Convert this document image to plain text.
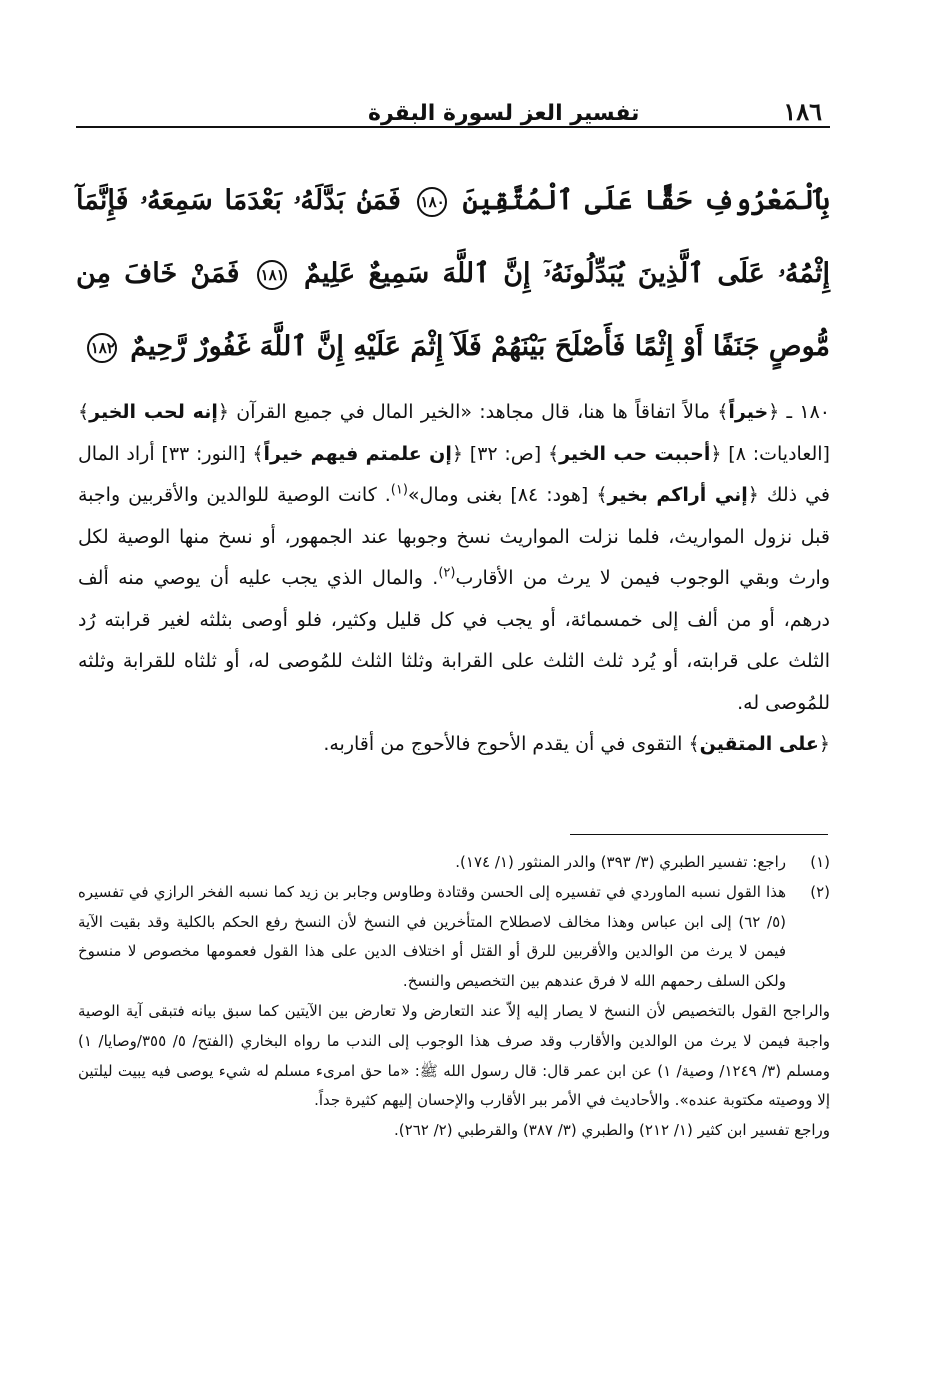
١٨٦
تفسير العز لسورة البقرة
بِٱلْمَعْرُوفِ حَقًّا عَلَى ٱلْمُتَّقِينَ ١٨٠ فَمَنۢ بَدَّلَهُۥ بَعْدَمَا سَمِعَهُۥ فَإِنَّمَآ إِثْمُهُۥ عَلَى ٱلَّذِينَ يُبَدِّلُونَهُۥٓ إِنَّ ٱللَّهَ سَمِيعٌ عَلِيمٌ ١٨١ فَمَنْ خَافَ مِن مُّوصٍ جَنَفًا أَوْ إِثْمًا فَأَصْلَحَ بَيْنَهُمْ فَلَآ إِثْمَ عَلَيْهِ إِنَّ ٱللَّهَ غَفُورٌ رَّحِيمٌ ١٨٢
١٨٠ ـ ﴿خيراً﴾ مالاً اتفاقاً ها هنا، قال مجاهد: «الخير المال في جميع القرآن ﴿إنه لحب الخير﴾ [العاديات: ٨] ﴿أحببت حب الخير﴾ [ص: ٣٢] ﴿إن علمتم فيهم خيراً﴾ [النور: ٣٣] أراد المال في ذلك ﴿إني أراكم بخير﴾ [هود: ٨٤] بغنى ومال»$^{(١)}$. كانت الوصية للوالدين والأقربين واجبة قبل نزول المواريث، فلما نزلت المواريث نسخ وجوبها عند الجمهور، أو نسخ منها الوصية لكل وارث وبقي الوجوب فيمن لا يرث من الأقارب$^{(٢)}$. والمال الذي يجب عليه أن يوصي منه ألف درهم، أو من ألف إلى خمسمائة، أو يجب في كل قليل وكثير، فلو أوصى بثلثه لغير قرابته رُد الثلث على قرابته، أو يُرد ثلث الثلث على القرابة وثلثا الثلث للمُوصى له، أو ثلثاه للقرابة وثلثه للمُوصى له.
﴿على المتقين﴾ التقوى في أن يقدم الأحوج فالأحوج من أقاربه.
(١)
راجع: تفسير الطبري (٣/ ٣٩٣) والدر المنثور (١/ ١٧٤).
(٢)
هذا القول نسبه الماوردي في تفسيره إلى الحسن وقتادة وطاوس وجابر بن زيد كما نسبه الفخر الرازي في تفسيره (٥/ ٦٢) إلى ابن عباس وهذا مخالف لاصطلاح المتأخرين في النسخ لأن النسخ رفع الحكم بالكلية وقد بقيت الآية فيمن لا يرث من الوالدين والأقربين للرق أو القتل أو اختلاف الدين على هذا القول فعمومها مخصوص لا منسوخ ولكن السلف رحمهم الله لا فرق عندهم بين التخصيص والنسخ.
والراجح القول بالتخصيص لأن النسخ لا يصار إليه إلاّ عند التعارض ولا تعارض بين الآيتين كما سبق بيانه فتبقى آية الوصية واجبة فيمن لا يرث من الوالدين والأقارب وقد صرف هذا الوجوب إلى الندب ما رواه البخاري (الفتح/ ٥/ ٣٥٥/وصايا/ ١) ومسلم (٣/ ١٢٤٩/ وصية/ ١) عن ابن عمر قال: قال رسول الله ﷺ: «ما حق امرىء مسلم له شيء يوصى فيه يبيت ليلتين إلا ووصيته مكتوبة عنده». والأحاديث في الأمر ببر الأقارب والإحسان إليهم كثيرة جداً.
وراجع تفسير ابن كثير (١/ ٢١٢) والطبري (٣/ ٣٨٧) والقرطبي (٢/ ٢٦٢).
